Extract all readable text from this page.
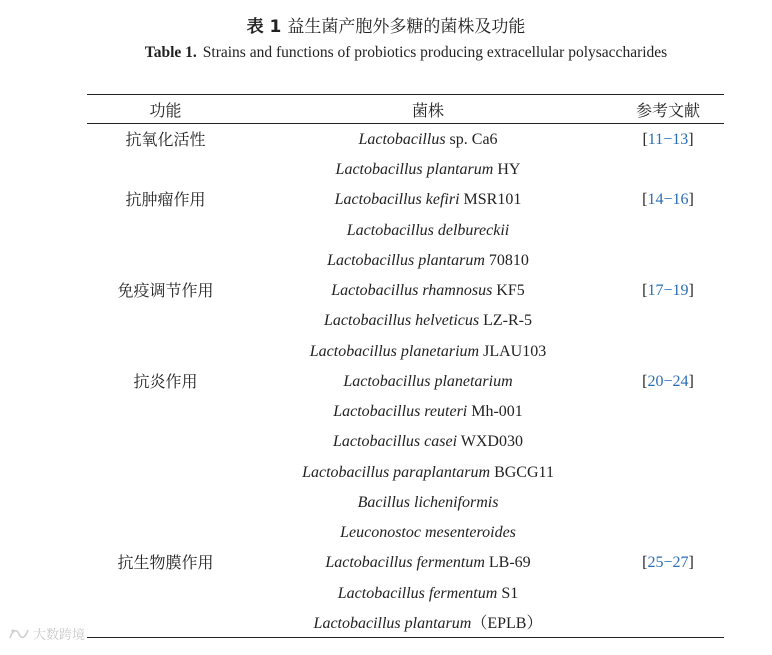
表 1 益生菌产胞外多糖的菌株及功能
Table 1. Strains and functions of probiotics producing extracellular polysaccharides
功能	菌株	参考文献
Lactobacillus sp. Ca6
Lactobacillus plantarum HY
Lactobacillus kefiri MSR101
Lactobacillus delbureckii
Lactobacillus plantarum 70810
Lactobacillus rhamnosus KF5
Lactobacillus helveticus LZ-R-5
Lactobacillus planetarium JLAU103
Lactobacillus planetarium
Lactobacillus reuteri Mh-001
Lactobacillus casei WXD030
Lactobacillus paraplantarum BGCG11
Bacillus licheniformis
Leuconostoc mesenteroides
Lactobacillus fermentum LB-69
Lactobacillus fermentum S1
Lactobacillus plantarum（EPLB）
抗氧化活性
抗肿瘤作用
免疫调节作用
抗炎作用
抗生物膜作用
[11−13]
[14−16]
[17−19]
[20−24]
[25−27]
大数跨境
